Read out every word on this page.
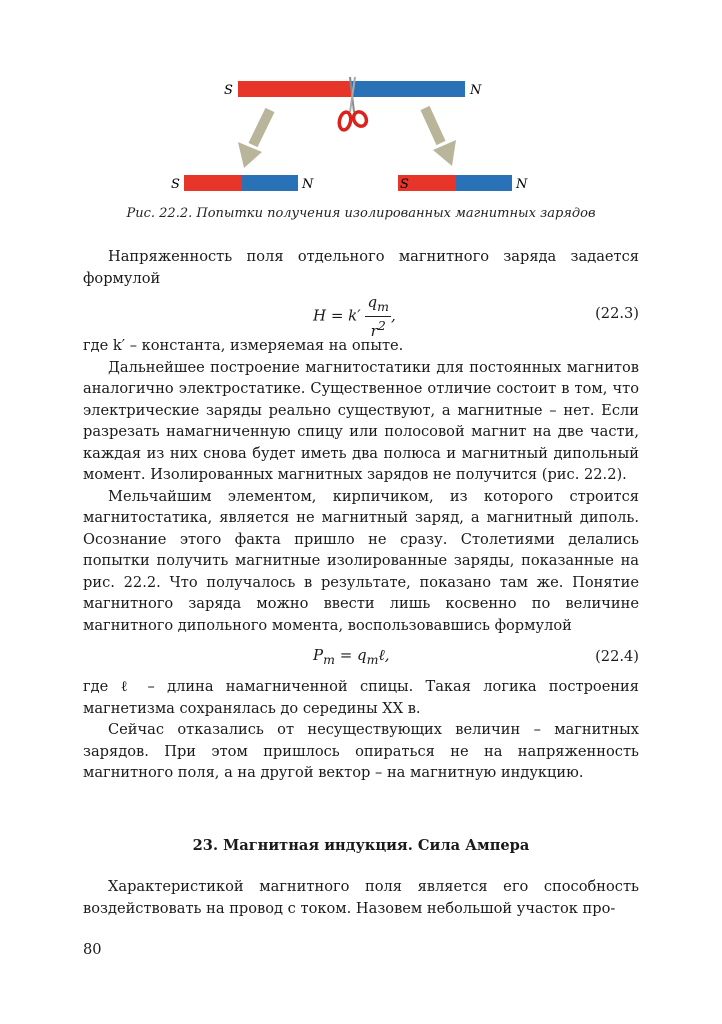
S	N
S	N	S	N
Рис. 22.2. Попытки получения изолированных магнитных зарядов

Напряженность поля отдельного магнитного заряда задается формулой

$H = k' \frac{q_m}{r^2}$ ,	(22.3)

где k′ – константа, измеряемая на опыте.

Дальнейшее построение магнитостатики для постоянных магнитов аналогично электростатике. Существенное отличие состоит в том, что электрические заряды реально существуют, а магнитные – нет. Если разрезать намагниченную спицу или полосовой магнит на две части, каждая из них снова будет иметь два полюса и магнитный дипольный момент. Изолированных магнитных зарядов не получится (рис. 22.2).

Мельчайшим элементом, кирпичиком, из которого строится магнитостатика, является не магнитный заряд, а магнитный диполь. Осознание этого факта пришло не сразу. Столетиями делались попытки получить магнитные изолированные заряды, показанные на рис. 22.2. Что получалось в результате, показано там же. Понятие магнитного заряда можно ввести лишь косвенно по величине магнитного дипольного момента, воспользовавшись формулой

$P_m$ = $q_m\ell$,	(22.4)

где ℓ – длина намагниченной спицы. Такая логика построения магнетизма сохранялась до середины XX в.

Сейчас отказались от несуществующих величин – магнитных зарядов. При этом пришлось опираться не на напряженность магнитного поля, а на другой вектор – на магнитную индукцию.

23. Магнитная индукция. Сила Ампера

Характеристикой магнитного поля является его способность воздействовать на провод с током. Назовем небольшой участок про-

80
